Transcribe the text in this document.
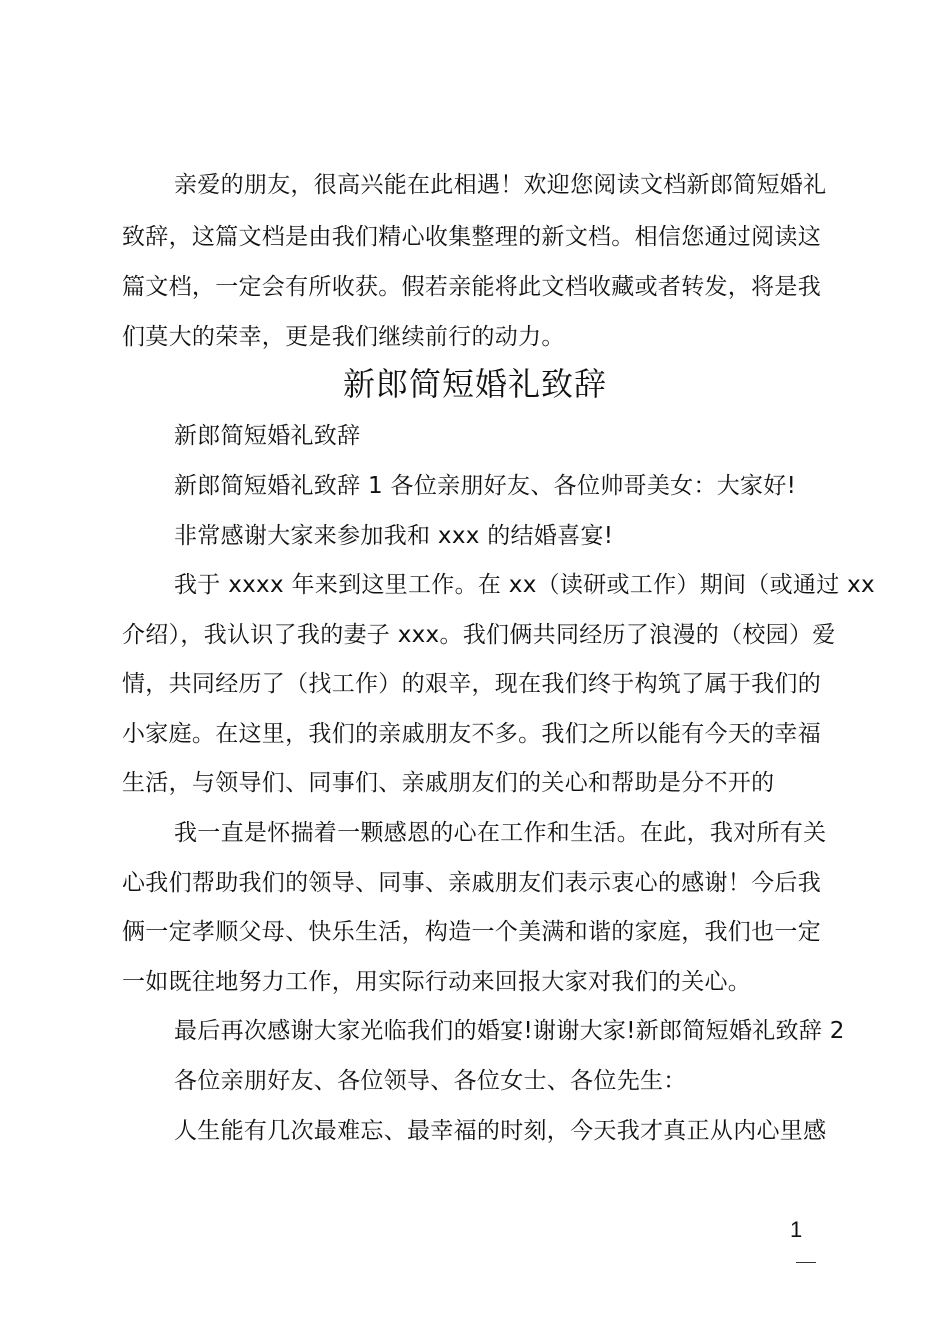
亲爱的朋友，很高兴能在此相遇！欢迎您阅读文档新郎简短婚礼
致辞，这篇文档是由我们精心收集整理的新文档。相信您通过阅读这
篇文档，一定会有所收获。假若亲能将此文档收藏或者转发，将是我
们莫大的荣幸，更是我们继续前行的动力。
新郎简短婚礼致辞
新郎简短婚礼致辞
新郎简短婚礼致辞 1 各位亲朋好友、各位帅哥美女：大家好!
非常感谢大家来参加我和 xxx 的结婚喜宴!
我于 xxxx 年来到这里工作。在 xx（读研或工作）期间（或通过 xx
介绍），我认识了我的妻子 xxx。我们俩共同经历了浪漫的（校园）爱
情，共同经历了（找工作）的艰辛，现在我们终于构筑了属于我们的
小家庭。在这里，我们的亲戚朋友不多。我们之所以能有今天的幸福
生活，与领导们、同事们、亲戚朋友们的关心和帮助是分不开的
我一直是怀揣着一颗感恩的心在工作和生活。在此，我对所有关
心我们帮助我们的领导、同事、亲戚朋友们表示衷心的感谢！今后我
俩一定孝顺父母、快乐生活，构造一个美满和谐的家庭，我们也一定
一如既往地努力工作，用实际行动来回报大家对我们的关心。
最后再次感谢大家光临我们的婚宴!谢谢大家!新郎简短婚礼致辞 2
各位亲朋好友、各位领导、各位女士、各位先生：
人生能有几次最难忘、最幸福的时刻，今天我才真正从内心里感
1
